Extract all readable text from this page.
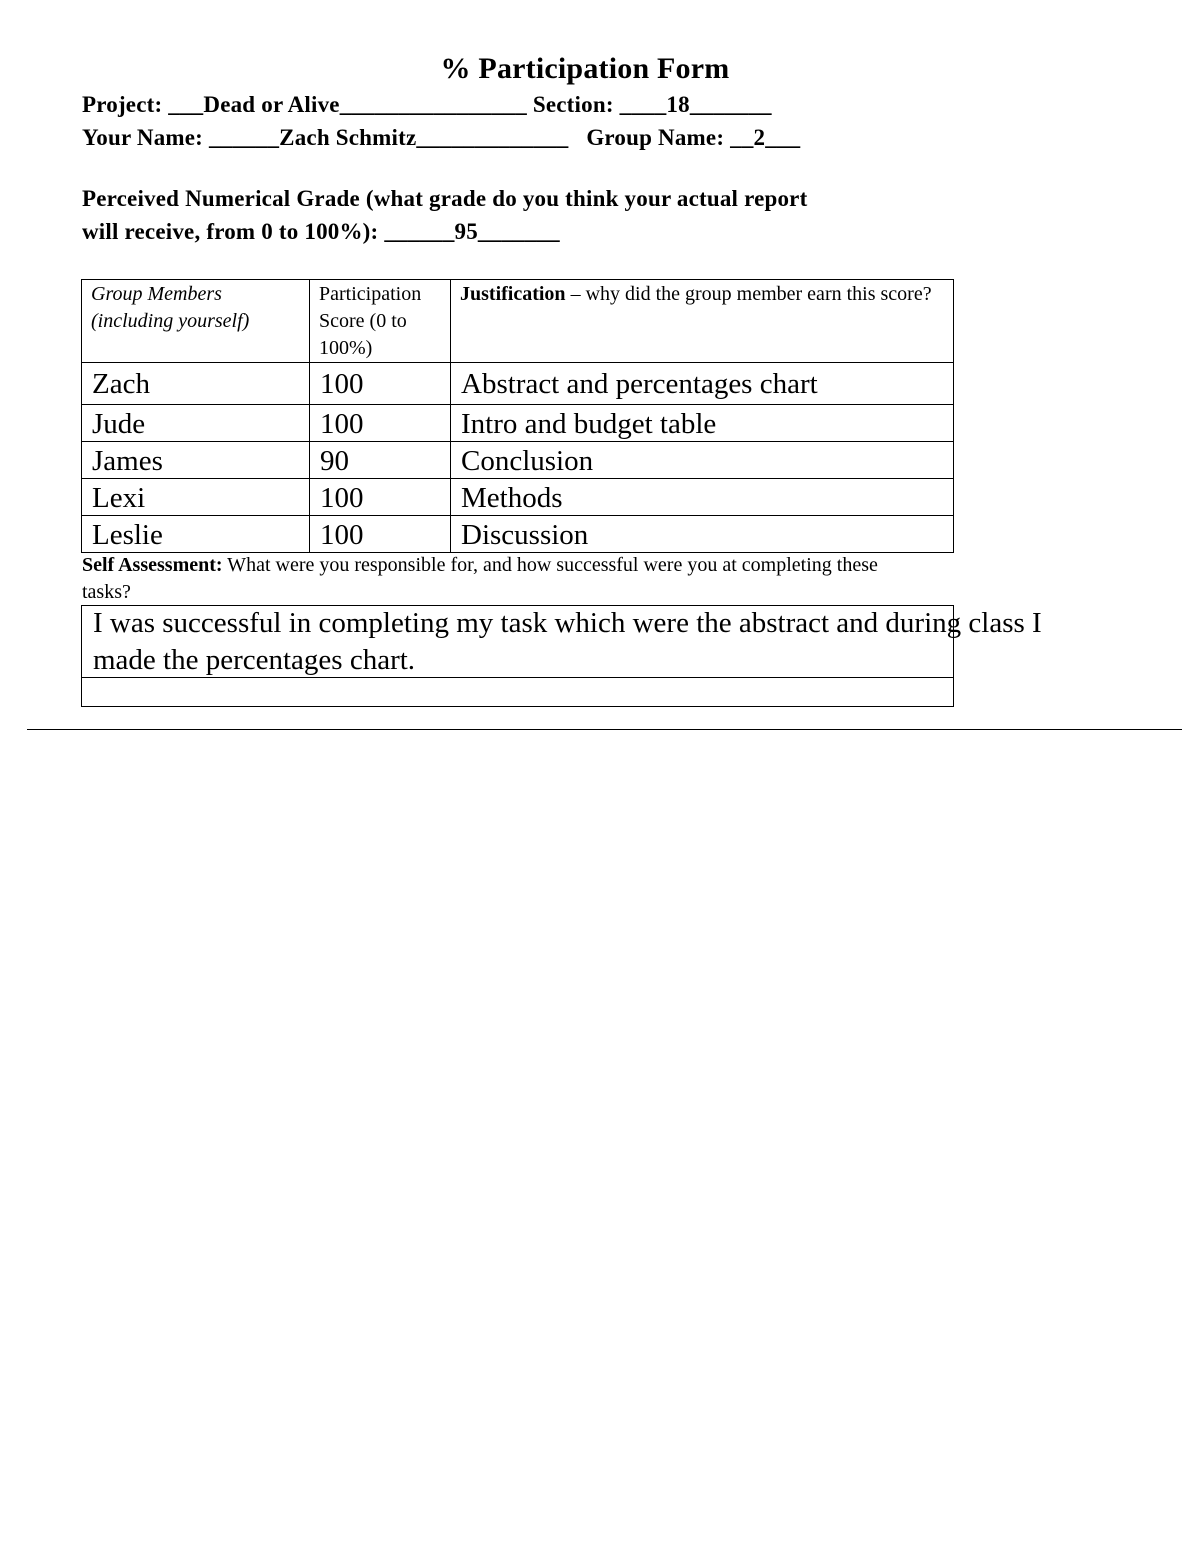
% Participation Form
Project: ___Dead or Alive________________ Section: ____18_______
Your Name: ______Zach Schmitz_____________   Group Name: __2___
Perceived Numerical Grade (what grade do you think your actual report
will receive, from 0 to 100%): ______95_______
Group Members (including yourself)	Participation Score (0 to 100%)	Justification – why did the group member earn this score?
Zach	100	Abstract and percentages chart
Jude	100	Intro and budget table
James	90	Conclusion
Lexi	100	Methods
Leslie	100	Discussion
Self Assessment: What were you responsible for, and how successful were you at completing these tasks?
I was successful in completing my task which were the abstract and during class I made the percentages chart.
